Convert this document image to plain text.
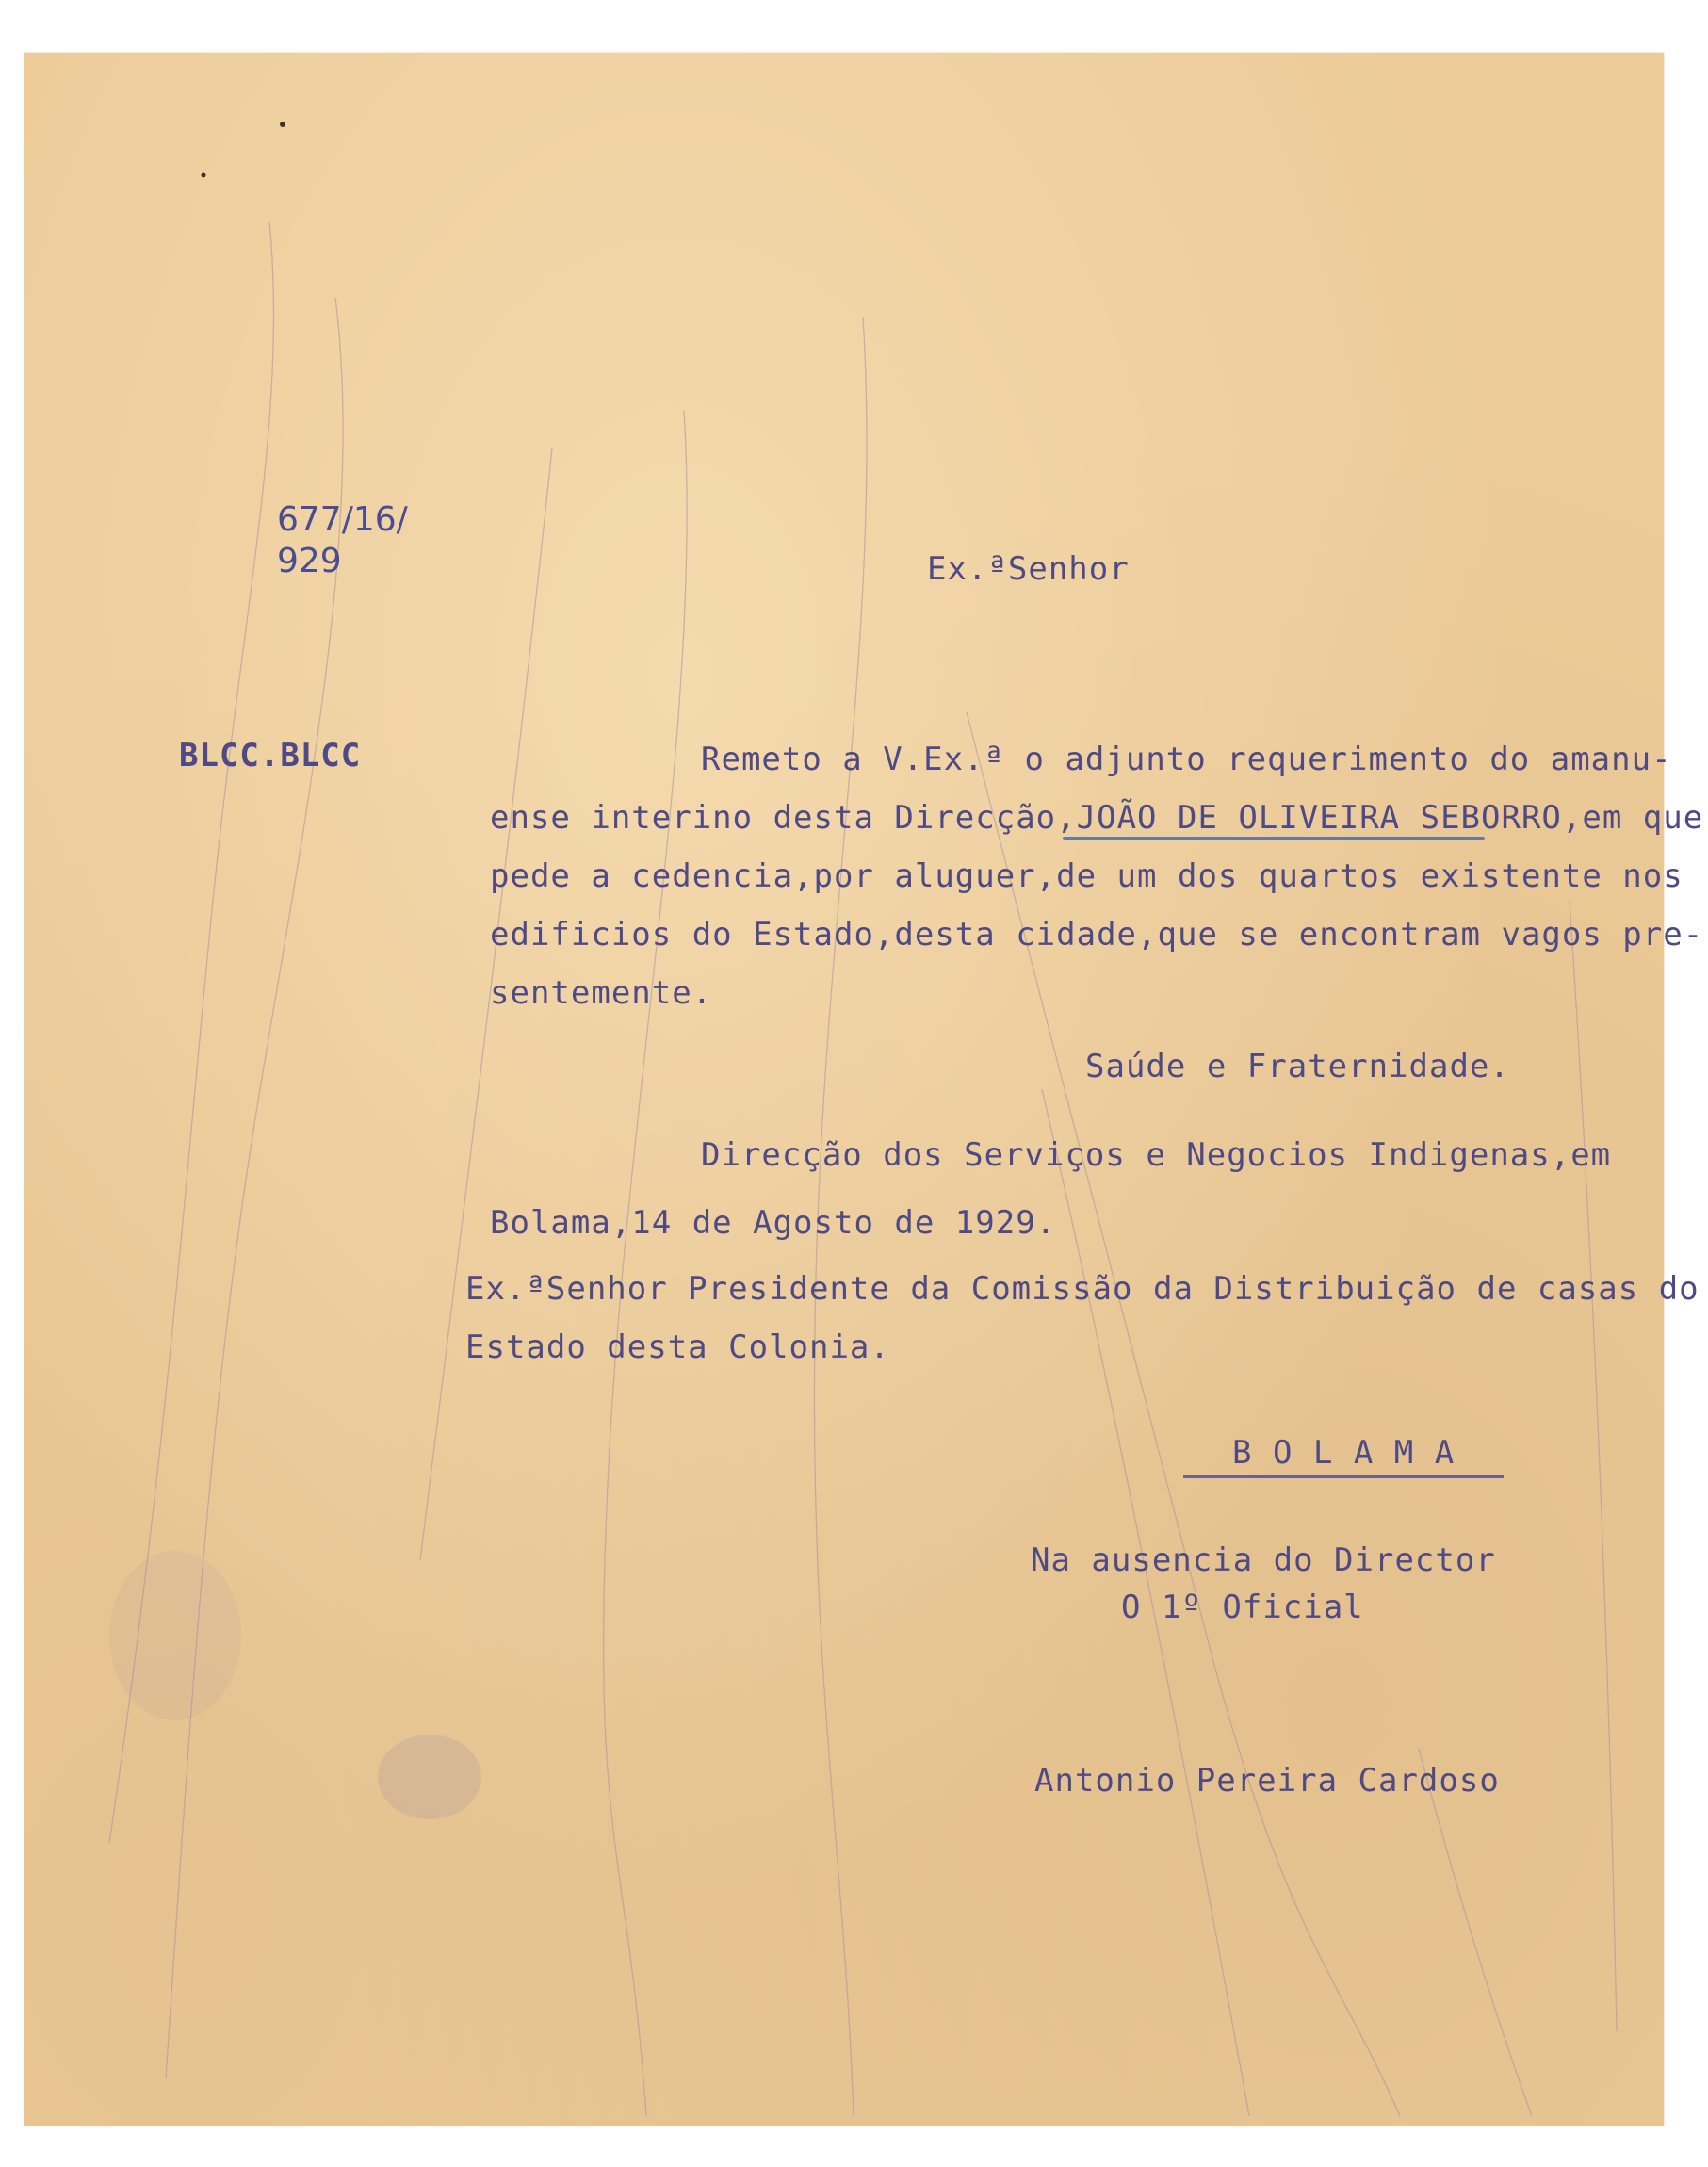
677/16/
929
BLCC.BLCC
Ex.ªSenhor
Remeto a V.Ex.ª o adjunto requerimento do amanu-
ense interino desta Direcção,JOÃO DE OLIVEIRA SEBORRO,em que
pede a cedencia,por aluguer,de um dos quartos existente nos
edificios do Estado,desta cidade,que se encontram vagos pre-
sentemente.
Saúde e Fraternidade.
Direcção dos Serviços e Negocios Indigenas,em
Bolama,14 de Agosto de 1929.
Ex.ªSenhor Presidente da Comissão da Distribuição de casas do
Estado desta Colonia.
B O L A M A
Na ausencia do Director
O 1º Oficial
Antonio Pereira Cardoso
